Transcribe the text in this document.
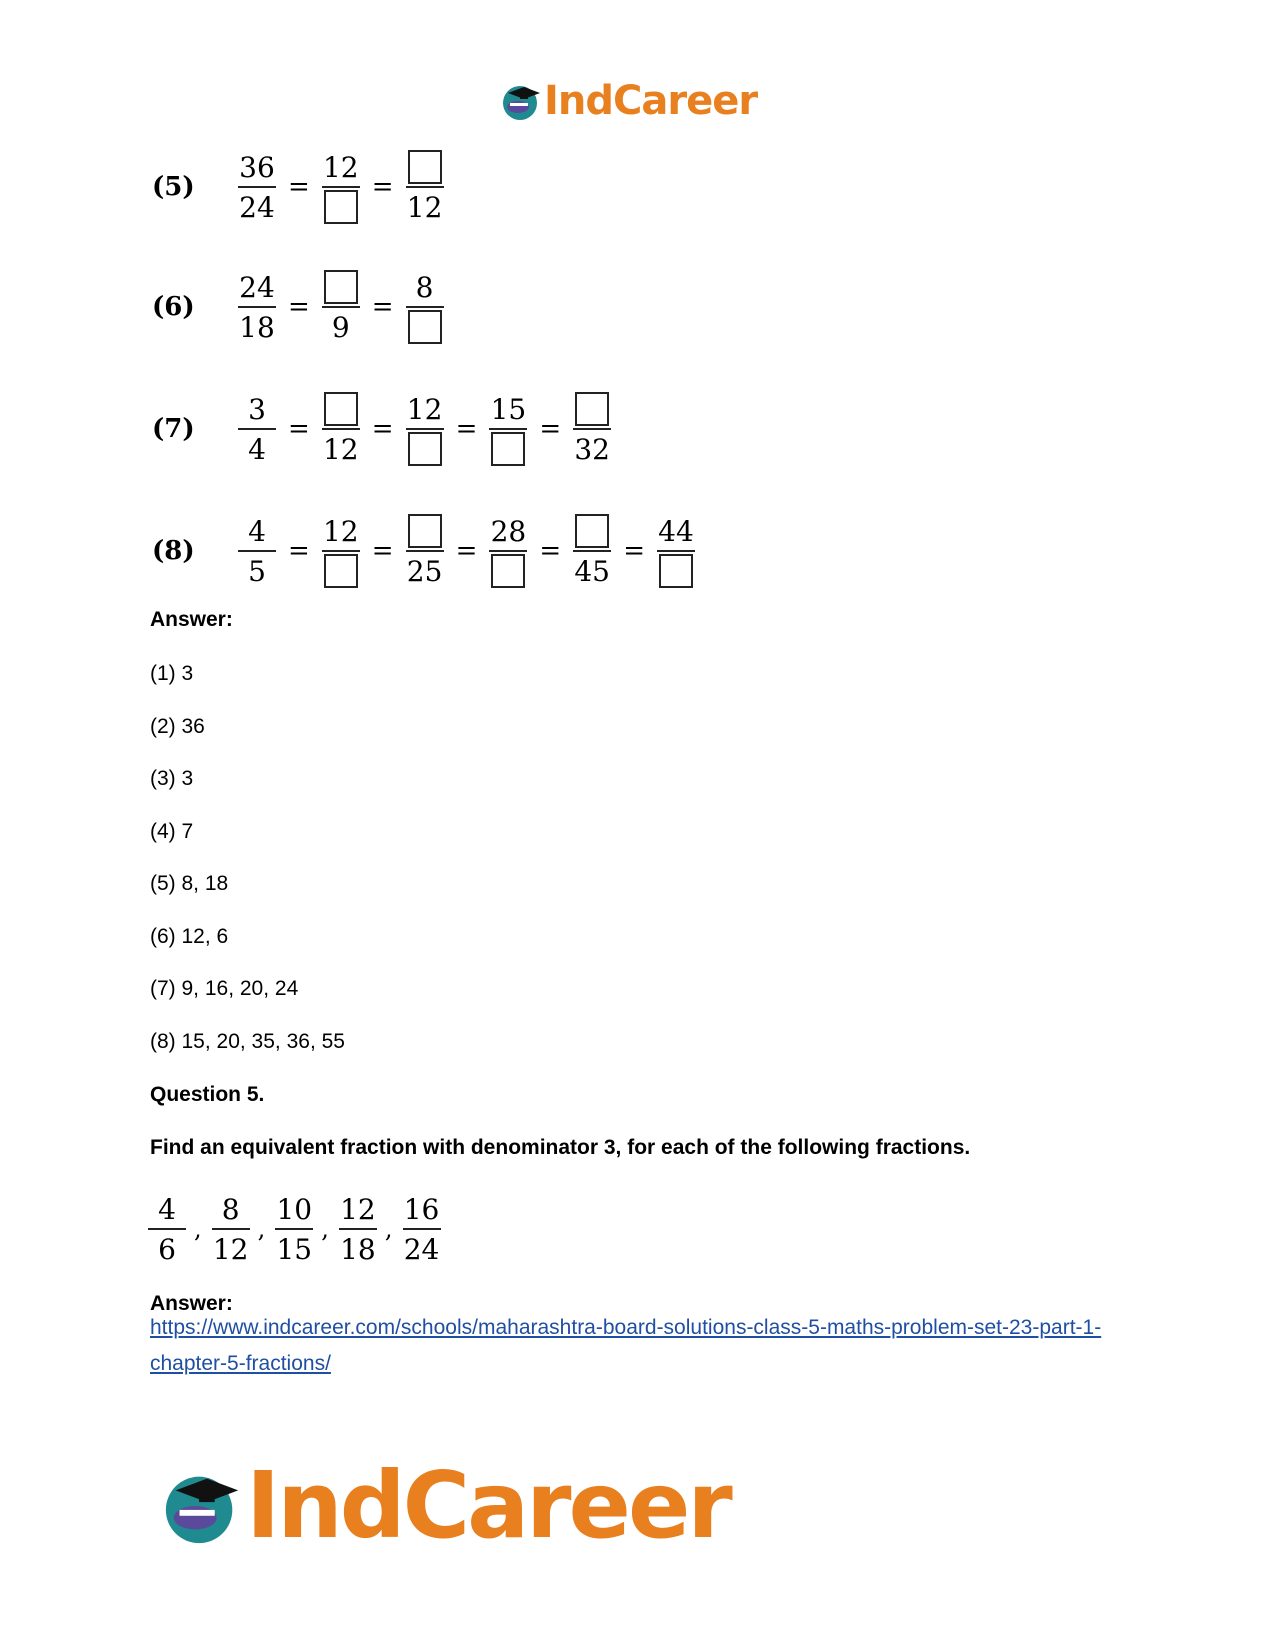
IndCareer
(5)	$\frac{36}{24}$ =
12
=
12
(6)	$\frac{24}{18}$ =
9
=
8
(7)	$\frac{3}{4}$ =
12
=
12
=
15
=
32
(8)	$\frac{4}{5}$ =
12
=
25
=
28
=
45
=
44
Answer:
(1) 3
(2) 36
(3) 3
(4) 7
(5) 8, 18
(6) 12, 6
(7) 9, 16, 20, 24
(8) 15, 20, 35, 36, 55
Question 5.
Find an equivalent fraction with denominator 3, for each of the following fractions.
$\frac{4}{6}$ , $\frac{8}{12}$ , $\frac{10}{15}$ , $\frac{12}{18}$ , $\frac{16}{24}$
Answer:
https://www.indcareer.com/schools/maharashtra-board-solutions-class-5-maths-problem-set-23-part-1-chapter-5-fractions/
IndCareer
